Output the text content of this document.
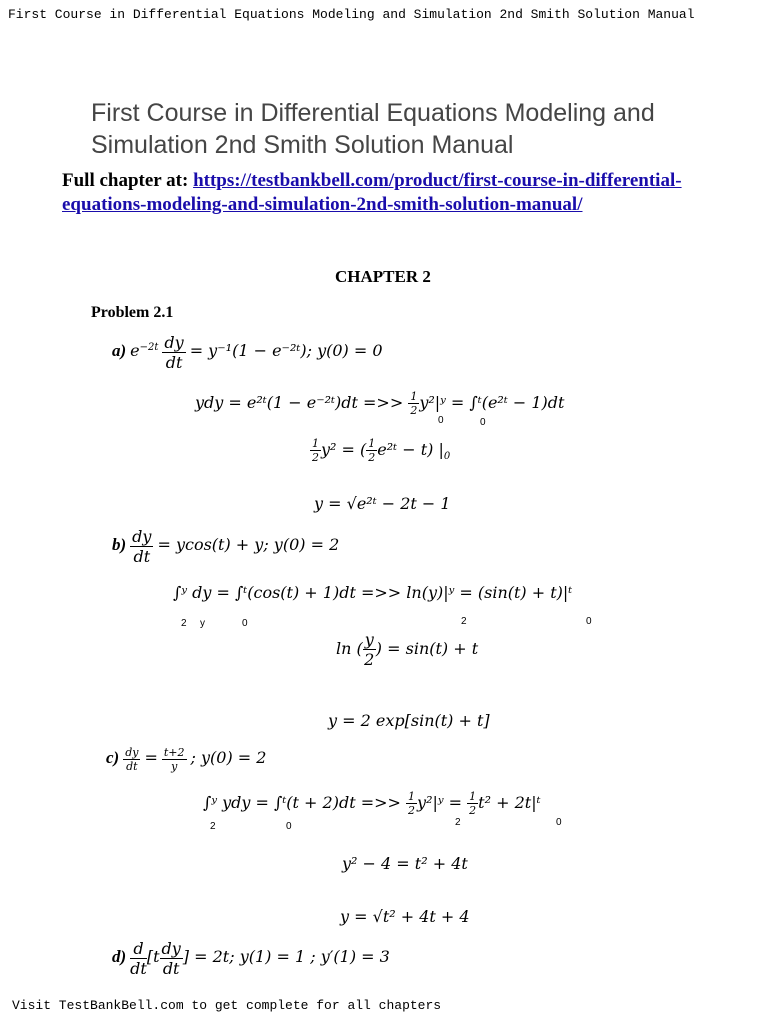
First Course in Differential Equations Modeling and Simulation 2nd Smith Solution Manual
First Course in Differential Equations Modeling and
Simulation 2nd Smith Solution Manual
Full chapter at: https://testbankbell.com/product/first-course-in-differential-
equations-modeling-and-simulation-2nd-smith-solution-manual/
CHAPTER 2
Problem 2.1
a) $e^{-2t} \frac{dy}{dt} = y^{-1}(1$ − e⁻²ᵗ); y(0) = 0
ydy = e²ᵗ(1 − e⁻²ᵗ)dt =>> $\frac{1}{2}$ y²|ʸ = ∫ᵗ(e²ᵗ − 1)dt
0	0
$\frac{1}{2} y^2$ = ( $\frac{1}{2}$ e²ᵗ − t) $|_0$
y = √e²ᵗ − 2t − 1
$b) \frac{dy}{dt} = ycos(t) + y$; y(0) = 2
∫ʸ dy = ∫ᵗ(cos(t) + 1)dt =>> ln(y)|ʸ = (sin(t) + t)|ᵗ
2 y	0	2	0
ln ( $\frac{y}{2}$ ) = sin(t) + t
y = 2 exp[sin(t) + t]
$c) \frac{dy}{dt} = \frac{t+2}{y}$ ; y(0) = 2
∫ʸ ydy = ∫ᵗ(t + 2)dt =>> $\frac{1}{2}$ y²|ʸ = $\frac{1}{2} t^2$ + 2t|ᵗ
2	0	2	0
y² − 4 = t² + 4t
y = √t² + 4t + 4
$d) \frac{d}{dt} [t \frac{dy}{dt}$ ] = 2t; y(1) = 1 ; y′(1) = 3
Visit TestBankBell.com to get complete for all chapters
